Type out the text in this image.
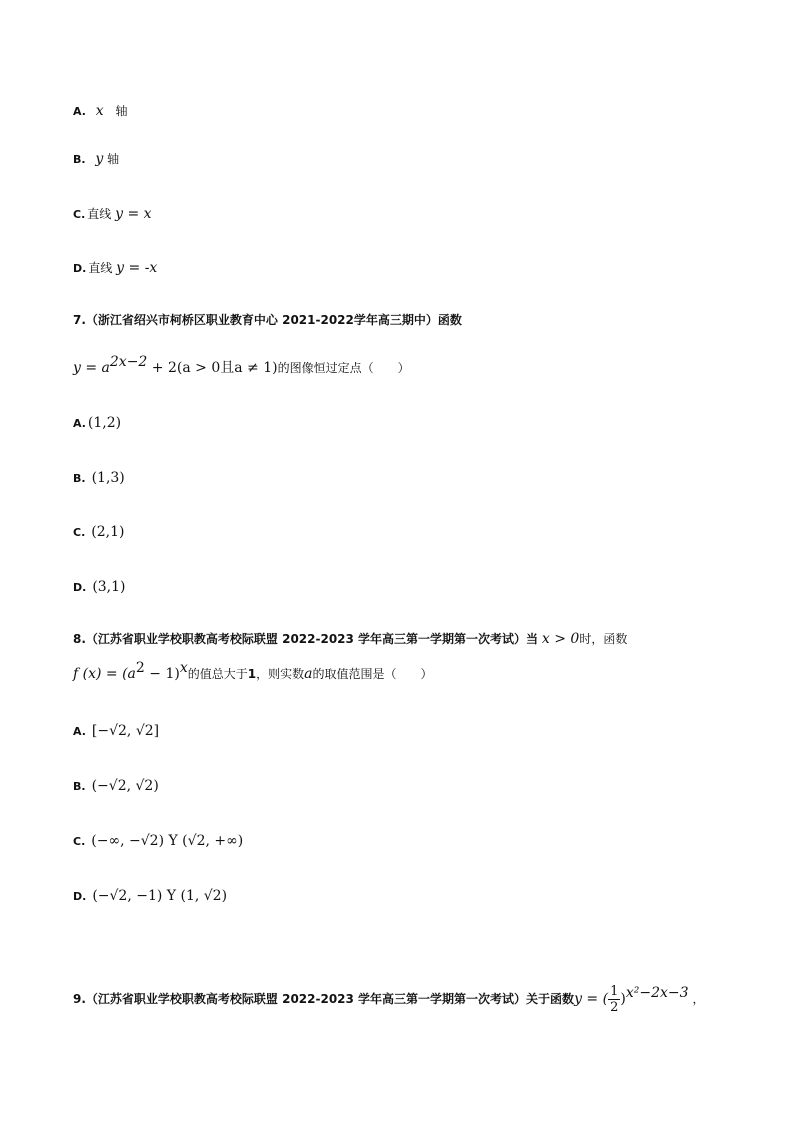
A. x 轴
B. y 轴
C. 直线 y = x
D. 直线 y = -x
7.（浙江省绍兴市柯桥区职业教育中心 2021-2022学年高三期中）函数
$y = a^{2x-2} + 2(a > 0$且a ≠ 1)的图像恒过定点（　　）
A. (1,2)
B. (1,3)
C. (2,1)
D. (3,1)
8.（江苏省职业学校职教高考校际联盟 2022-2023 学年高三第一学期第一次考试）当 x > 0时，函数
f $(x) = (a^2 - 1)^x$的值总大于1，则实数a的取值范围是（　　）
A. [−√2, √2]
B. (−√2, √2)
C. (−∞, −√2) Y (√2, +∞)
D. (−√2, −1) Y (1, √2)
9.（江苏省职业学校职教高考校际联盟 2022-2023 学年高三第一学期第一次考试）关于函数y = ( $\frac{1}{2} )^{x^2-2x-3}$ ，
